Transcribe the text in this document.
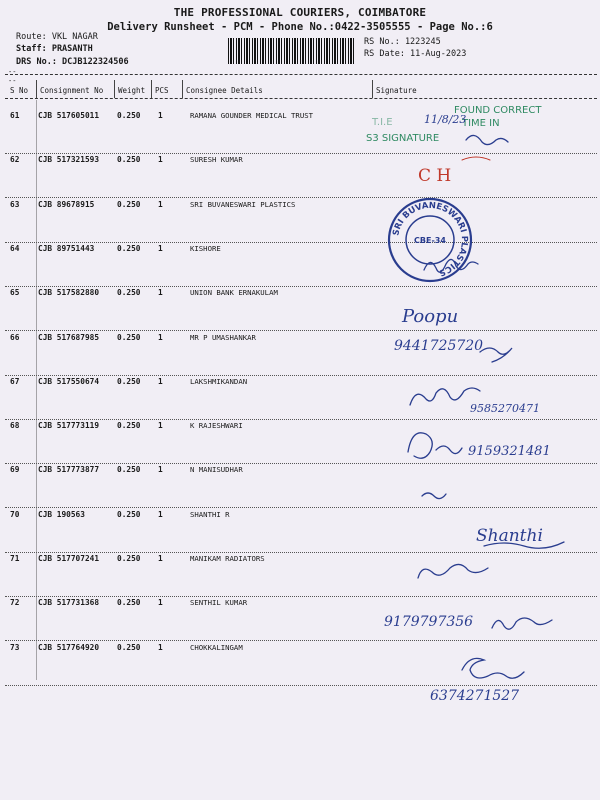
THE PROFESSIONAL COURIERS, COIMBATORE
Delivery Runsheet - PCM - Phone No.:0422-3505555 - Page No.:6
Route: VKL NAGAR
Staff: PRASANTH
DRS No.: DCJB122324506
RS No.: 1223245
RS Date: 11-Aug-2023
--
--
S No Consignment No Weight PCS Consignee Details	Signature
61 CJB 517605011 0.250 1	RAMANA GOUNDER MEDICAL TRUST
62 CJB 517321593 0.250 1	SURESH KUMAR
63 CJB 89678915	0.250 1	SRI BUVANESWARI PLASTICS
64 CJB 89751443	0.250 1	KISHORE
65 CJB 517582880 0.250 1	UNION BANK ERNAKULAM
66 CJB 517687985 0.250 1	MR P UMASHANKAR
67 CJB 517550674 0.250 1	LAKSHMIKANDAN
68 CJB 517773119 0.250 1	K RAJESHWARI
69 CJB 517773877 0.250 1	N MANISUDHAR
70 CJB 190563	0.250 1	SHANTHI R
71 CJB 517707241 0.250 1	MANIKAM RADIATORS
72 CJB 517731368 0.250 1	SENTHIL KUMAR
73 CJB 517764920 0.250 1	CHOKKALINGAM
FOUND CORRECT
T.I.E	TIME IN
S3 SIGNATURE
11/8/23
SRI BUVANESWARI PLASTICS
CBE-34
C H
Poopu
9441725720
9585270471
9159321481
Shanthi
9179797356
6374271527
